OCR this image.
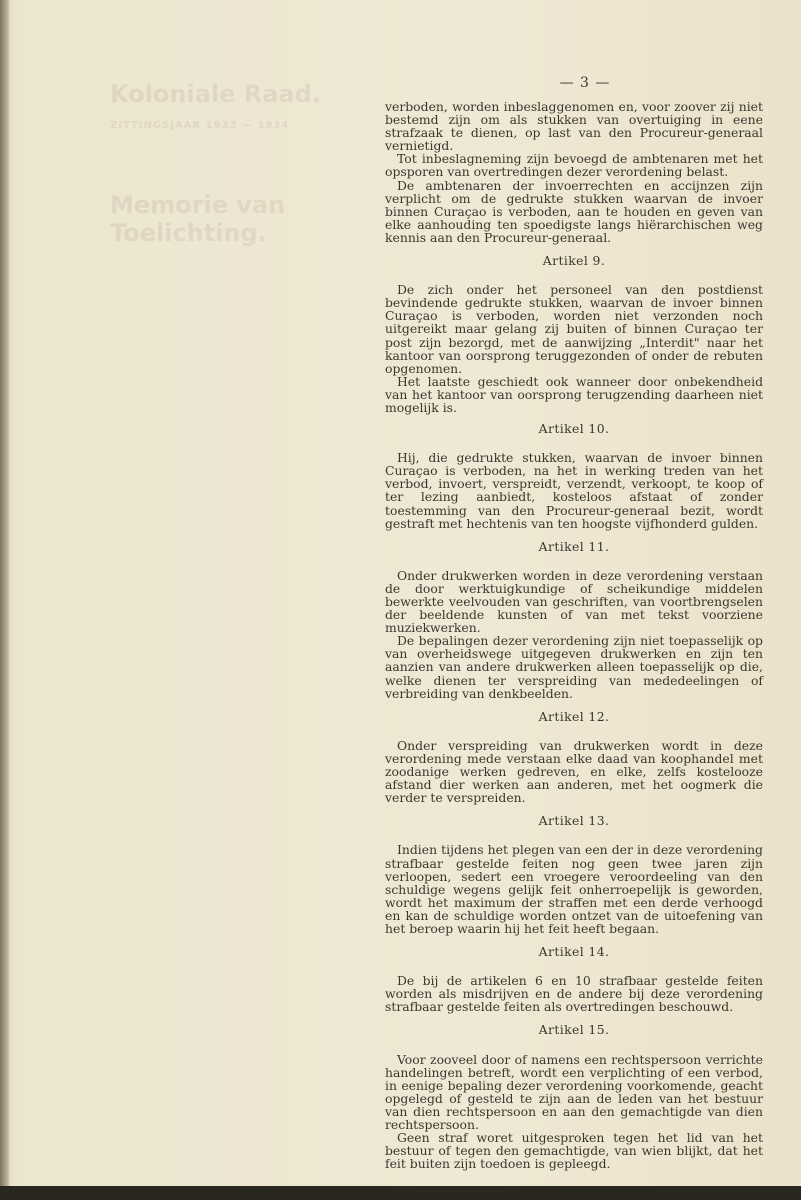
Koloniale Raad.
ZITTINGSJAAR 1933 — 1934
Memorie van Toelichting.
— 3 —

verboden, worden inbeslaggenomen en, voor zoover zij niet bestemd zijn om als stukken van overtuiging in eene strafzaak te dienen, op last van den Procureur-generaal vernietigd.

Tot inbeslagneming zijn bevoegd de ambtenaren met het opsporen van overtredingen dezer verordening belast.

De ambtenaren der invoerrechten en accijnzen zijn verplicht om de gedrukte stukken waarvan de invoer binnen Curaçao is verboden, aan te houden en geven van elke aanhouding ten spoedigste langs hiërarchischen weg kennis aan den Procureur-generaal.

Artikel 9.

De zich onder het personeel van den postdienst bevindende gedrukte stukken, waarvan de invoer binnen Curaçao is verboden, worden niet verzonden noch uitgereikt maar gelang zij buiten of binnen Curaçao ter post zijn bezorgd, met de aanwijzing „Interdit" naar het kantoor van oorsprong teruggezonden of onder de rebuten opgenomen.

Het laatste geschiedt ook wanneer door onbekendheid van het kantoor van oorsprong terugzending daarheen niet mogelijk is.

Artikel 10.

Hij, die gedrukte stukken, waarvan de invoer binnen Curaçao is verboden, na het in werking treden van het verbod, invoert, verspreidt, verzendt, verkoopt, te koop of ter lezing aanbiedt, kosteloos afstaat of zonder toestemming van den Procureur-generaal bezit, wordt gestraft met hechtenis van ten hoogste vijfhonderd gulden.

Artikel 11.

Onder drukwerken worden in deze verordening verstaan de door werktuigkundige of scheikundige middelen bewerkte veelvouden van geschriften, van voortbrengselen der beeldende kunsten of van met tekst voorziene muziekwerken.

De bepalingen dezer verordening zijn niet toepasselijk op van overheidswege uitgegeven drukwerken en zijn ten aanzien van andere drukwerken alleen toepasselijk op die, welke dienen ter verspreiding van mededeelingen of verbreiding van denkbeelden.

Artikel 12.

Onder verspreiding van drukwerken wordt in deze verordening mede verstaan elke daad van koophandel met zoodanige werken gedreven, en elke, zelfs kostelooze afstand dier werken aan anderen, met het oogmerk die verder te verspreiden.

Artikel 13.

Indien tijdens het plegen van een der in deze verordening strafbaar gestelde feiten nog geen twee jaren zijn verloopen, sedert een vroegere veroordeeling van den schuldige wegens gelijk feit onherroepelijk is geworden, wordt het maximum der straffen met een derde verhoogd en kan de schuldige worden ontzet van de uitoefening van het beroep waarin hij het feit heeft begaan.

Artikel 14.

De bij de artikelen 6 en 10 strafbaar gestelde feiten worden als misdrijven en de andere bij deze verordening strafbaar gestelde feiten als overtredingen beschouwd.

Artikel 15.

Voor zooveel door of namens een rechtspersoon verrichte handelingen betreft, wordt een verplichting of een verbod, in eenige bepaling dezer verordening voorkomende, geacht opgelegd of gesteld te zijn aan de leden van het bestuur van dien rechtspersoon en aan den gemachtigde van dien rechtspersoon.

Geen straf woret uitgesproken tegen het lid van het bestuur of tegen den gemachtigde, van wien blijkt, dat het feit buiten zijn toedoen is gepleegd.
